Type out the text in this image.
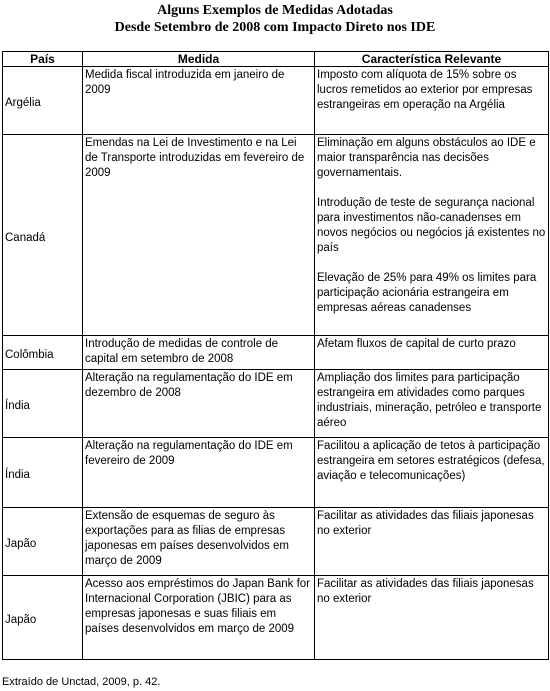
Alguns Exemplos de Medidas Adotadas
Desde Setembro de 2008 com Impacto Direto nos IDE
País	Medida	Característica Relevante

Argélia	Medida fiscal introduzida em janeiro de 2009	Imposto com alíquota de 15% sobre os lucros remetidos ao exterior por empresas estrangeiras em operação na Argélia

Canadá	Emendas na Lei de Investimento e na Lei de Transporte introduzidas em fevereiro de 2009	Eliminação em alguns obstáculos ao IDE e maior transparência nas decisões governamentais.
Introdução de teste de segurança nacional para investimentos não-canadenses em novos negócios ou negócios já existentes no país
Elevação de 25% para 49% os limites para participação acionária estrangeira em empresas aéreas canadenses

Colômbia	Introdução de medidas de controle de capital em setembro de 2008	Afetam fluxos de capital de curto prazo

Índia	Alteração na regulamentação do IDE em dezembro de 2008	Ampliação dos limites para participação estrangeira em atividades como parques industriais, mineração, petróleo e transporte aéreo

Índia	Alteração na regulamentação do IDE em fevereiro de 2009	Facilitou a aplicação de tetos à participação estrangeira em setores estratégicos (defesa, aviação e telecomunicações)

Japão	Extensão de esquemas de seguro às exportações para as filias de empresas japonesas em países desenvolvidos em março de 2009	Facilitar as atividades das filiais japonesas no exterior

Japão	Acesso aos empréstimos do Japan Bank for Internacional Corporation (JBIC) para as empresas japonesas e suas filiais em países desenvolvidos em março de 2009	Facilitar as atividades das filiais japonesas no exterior
Extraído de Unctad, 2009, p. 42.
